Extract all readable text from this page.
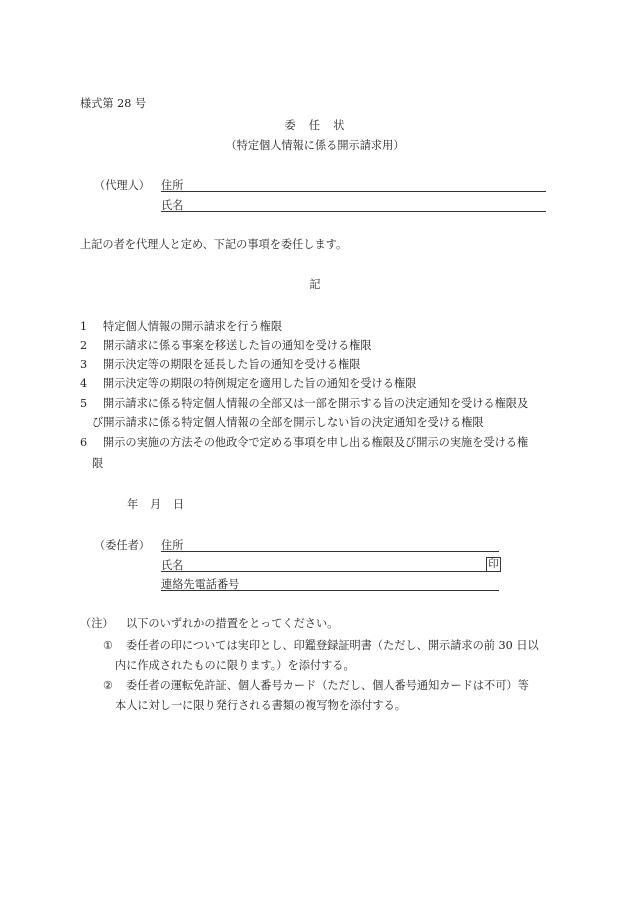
様式第 28 号
委　任　状
（特定個人情報に係る開示請求用）
（代理人） 住所
氏名
上記の者を代理人と定め、下記の事項を委任します。
記
1 特定個人情報の開示請求を行う権限
2 開示請求に係る事案を移送した旨の通知を受ける権限
3 開示決定等の期限を延長した旨の通知を受ける権限
4 開示決定等の期限の特例規定を適用した旨の通知を受ける権限
5 開示請求に係る特定個人情報の全部又は一部を開示する旨の決定通知を受ける権限及
び開示請求に係る特定個人情報の全部を開示しない旨の決定通知を受ける権限
6 開示の実施の方法その他政令で定める事項を申し出る権限及び開示の実施を受ける権
限
年 月 日
（委任者） 住所
氏名	印
連絡先電話番号
（注） 以下のいずれかの措置をとってください。
① 委任者の印については実印とし、印鑑登録証明書（ただし、開示請求の前 30 日以
内に作成されたものに限ります。）を添付する。
② 委任者の運転免許証、個人番号カード（ただし、個人番号通知カードは不可）等
本人に対し一に限り発行される書類の複写物を添付する。
